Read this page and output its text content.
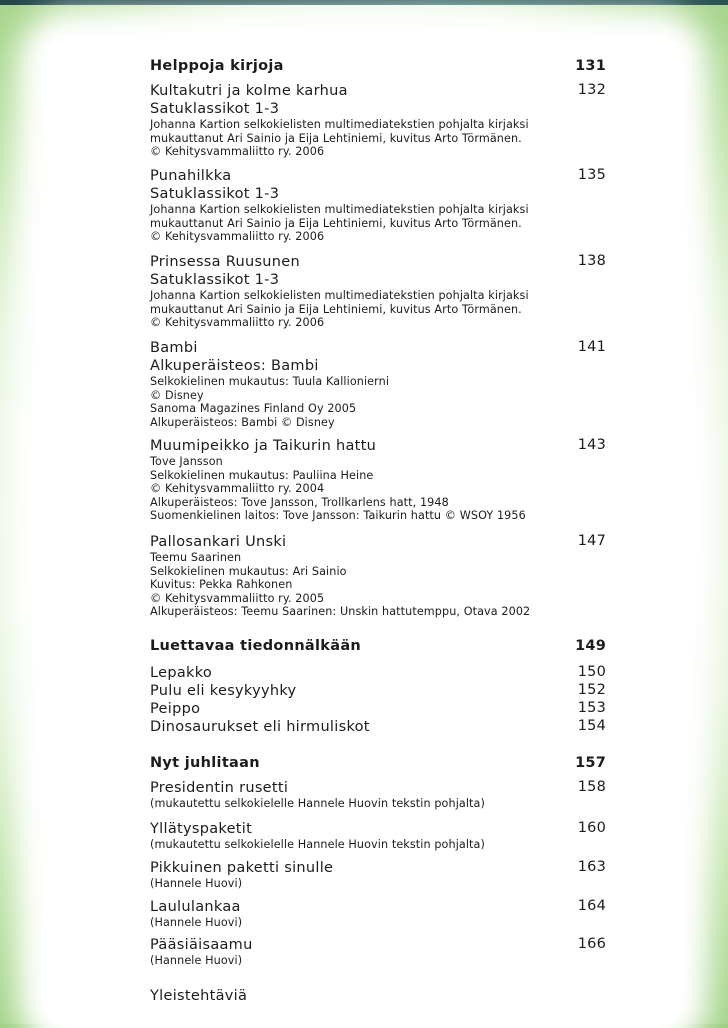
Helppoja kirjoja	131
Kultakutri ja kolme karhua	132
Satuklassikot 1-3
Johanna Kartion selkokielisten multimediatekstien pohjalta kirjaksi
mukauttanut Ari Sainio ja Eija Lehtiniemi, kuvitus Arto Törmänen.
© Kehitysvammaliitto ry. 2006
Punahilkka	135
Satuklassikot 1-3
Johanna Kartion selkokielisten multimediatekstien pohjalta kirjaksi
mukauttanut Ari Sainio ja Eija Lehtiniemi, kuvitus Arto Törmänen.
© Kehitysvammaliitto ry. 2006
Prinsessa Ruusunen	138
Satuklassikot 1-3
Johanna Kartion selkokielisten multimediatekstien pohjalta kirjaksi
mukauttanut Ari Sainio ja Eija Lehtiniemi, kuvitus Arto Törmänen.
© Kehitysvammaliitto ry. 2006
Bambi	141
Alkuperäisteos: Bambi
Selkokielinen mukautus: Tuula Kallionierni
© Disney
Sanoma Magazines Finland Oy 2005
Alkuperäisteos: Bambi © Disney
Muumipeikko ja Taikurin hattu	143
Tove Jansson
Selkokielinen mukautus: Pauliina Heine
© Kehitysvammaliitto ry. 2004
Alkuperäisteos: Tove Jansson, Trollkarlens hatt, 1948
Suomenkielinen laitos: Tove Jansson: Taikurin hattu © WSOY 1956
Pallosankari Unski	147
Teemu Saarinen
Selkokielinen mukautus: Ari Sainio
Kuvitus: Pekka Rahkonen
© Kehitysvammaliitto ry. 2005
Alkuperäisteos: Teemu Saarinen: Unskin hattutemppu, Otava 2002
Luettavaa tiedonnälkään	149
Lepakko	150
Pulu eli kesykyyhky	152
Peippo	153
Dinosaurukset eli hirmuliskot	154
Nyt juhlitaan	157
Presidentin rusetti	158
(mukautettu selkokielelle Hannele Huovin tekstin pohjalta)
Yllätyspaketit	160
(mukautettu selkokielelle Hannele Huovin tekstin pohjalta)
Pikkuinen paketti sinulle	163
(Hannele Huovi)
Laululankaa	164
(Hannele Huovi)
Pääsiäisaamu	166
(Hannele Huovi)
Yleistehtäviä
